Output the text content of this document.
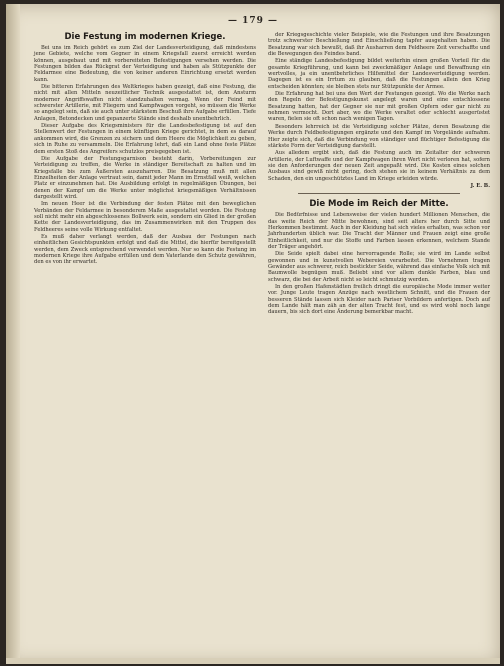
— 179 —
Die Festung im modernen Kriege.

Bei uns im Reich gehört es zum Ziel der Landesverteidigung, daß mindestens jene Gebiete, welche vom Gegner in einem Kriegsfall zuerst erreicht werden können, ausgebaut und mit vorbereiteten Befestigungen versehen werden. Die Festungen bilden das Rückgrat der Verteidigung und haben als Stützpunkte der Feldarmee eine Bedeutung, die von keiner anderen Einrichtung ersetzt werden kann.

Die bitteren Erfahrungen des Weltkrieges haben gezeigt, daß eine Festung, die nicht mit allen Mitteln neuzeitlicher Technik ausgestattet ist, dem Ansturm moderner Angriffswaffen nicht standzuhalten vermag. Wenn der Feind mit schwerster Artillerie, mit Fliegern und Kampfwagen vorgeht, so müssen die Werke so angelegt sein, daß sie auch unter stärkstem Beschuß ihre Aufgabe erfüllen. Tiefe Anlagen, Betondecken und gepanzerte Stände sind deshalb unentbehrlich.

Dieser Aufgabe des Kriegsministers für die Landesbefestigung ist auf den Stellenwert der Festungen in einem künftigen Kriege gerichtet, in dem es darauf ankommen wird, die Grenzen zu sichern und dem Heere die Möglichkeit zu geben, sich in Ruhe zu versammeln. Die Erfahrung lehrt, daß ein Land ohne feste Plätze dem ersten Stoß des Angreifers schutzlos preisgegeben ist.

Die Aufgabe der Festungsgarnison besteht darin, Vorbereitungen zur Verteidigung zu treffen, die Werke in ständiger Bereitschaft zu halten und im Kriegsfalle bis zum Äußersten auszuharren. Die Besatzung muß mit allen Einzelheiten der Anlage vertraut sein, damit jeder Mann im Ernstfall weiß, welchen Platz er einzunehmen hat. Die Ausbildung erfolgt in regelmäßigen Übungen, bei denen der Kampf um die Werke unter möglichst kriegsmäßigen Verhältnissen dargestellt wird.

Im neuen Heer ist die Verbindung der festen Plätze mit den beweglichen Verbänden der Feldarmee in besonderem Maße ausgestaltet worden. Die Festung soll nicht mehr ein abgeschlossenes Bollwerk sein, sondern ein Glied in der großen Kette der Landesverteidigung, das im Zusammenwirken mit den Truppen des Feldheeres seine volle Wirkung entfaltet.

Es muß daher verlangt werden, daß der Ausbau der Festungen nach einheitlichen Gesichtspunkten erfolgt und daß die Mittel, die hierfür bereitgestellt werden, dem Zweck entsprechend verwendet werden. Nur so kann die Festung im modernen Kriege ihre Aufgabe erfüllen und dem Vaterlande den Schutz gewähren, den es von ihr erwartet.

der Kriegsgeschichte vieler Beispiele, wie die Festungen und ihre Besatzungen trotz schwerster Beschießung und Einschließung tapfer ausgehalten haben. Die Besatzung war sich bewußt, daß ihr Ausharren dem Feldheere Zeit verschaffte und die Bewegungen des Feindes band.

Eine ständige Landesbefestigung bildet weiterhin einen großen Vorteil für die gesamte Kriegführung, und kann bei zweckmäßiger Anlage und Bewaffnung ein wertvolles, ja ein unentbehrliches Hilfsmittel der Landesverteidigung werden. Dagegen ist es ein Irrtum zu glauben, daß die Festungen allein den Krieg entscheiden könnten; sie bleiben stets nur Stützpunkte der Armee.

Die Erfahrung hat bei uns den Wert der Festungen gezeigt. Wo die Werke nach den Regeln der Befestigungskunst angelegt waren und eine entschlossene Besatzung hatten, hat der Gegner sie nur mit großen Opfern oder gar nicht zu nehmen vermocht. Dort aber, wo die Werke veraltet oder schlecht ausgerüstet waren, fielen sie oft schon nach wenigen Tagen.

Besonders lehrreich ist die Verteidigung solcher Plätze, deren Besatzung die Werke durch Feldbefestigungen ergänzte und den Kampf im Vorgelände aufnahm. Hier zeigte sich, daß die Verbindung von ständiger und flüchtiger Befestigung die stärkste Form der Verteidigung darstellt.

Aus alledem ergibt sich, daß die Festung auch im Zeitalter der schweren Artillerie, der Luftwaffe und der Kampfwagen ihren Wert nicht verloren hat, sofern sie den Anforderungen der neuen Zeit angepaßt wird. Die Kosten eines solchen Ausbaus sind gewiß nicht gering, doch stehen sie in keinem Verhältnis zu dem Schaden, den ein ungeschütztes Land im Kriege erleiden würde.

J. E. B.
Die Mode im Reich der Mitte.

Die Bedürfnisse und Lebensweise der vielen hundert Millionen Menschen, die das weite Reich der Mitte bewohnen, sind seit alters her durch Sitte und Herkommen bestimmt. Auch in der Kleidung hat sich vieles erhalten, was schon vor Jahrhunderten üblich war. Die Tracht der Männer und Frauen zeigt eine große Einheitlichkeit, und nur die Stoffe und Farben lassen erkennen, welchem Stande der Träger angehört.

Die Seide spielt dabei eine hervorragende Rolle; sie wird im Lande selbst gewonnen und in kunstvollen Webereien verarbeitet. Die Vornehmen tragen Gewänder aus schwerer, reich bestickter Seide, während das einfache Volk sich mit Baumwolle begnügen muß. Beliebt sind vor allem dunkle Farben, blau und schwarz, die bei der Arbeit nicht so leicht schmutzig werden.

In den großen Hafenstädten freilich dringt die europäische Mode immer weiter vor. Junge Leute tragen Anzüge nach westlichem Schnitt, und die Frauen der besseren Stände lassen sich Kleider nach Pariser Vorbildern anfertigen. Doch auf dem Lande hält man zäh an der alten Tracht fest, und es wird wohl noch lange dauern, bis sich dort eine Änderung bemerkbar macht.
